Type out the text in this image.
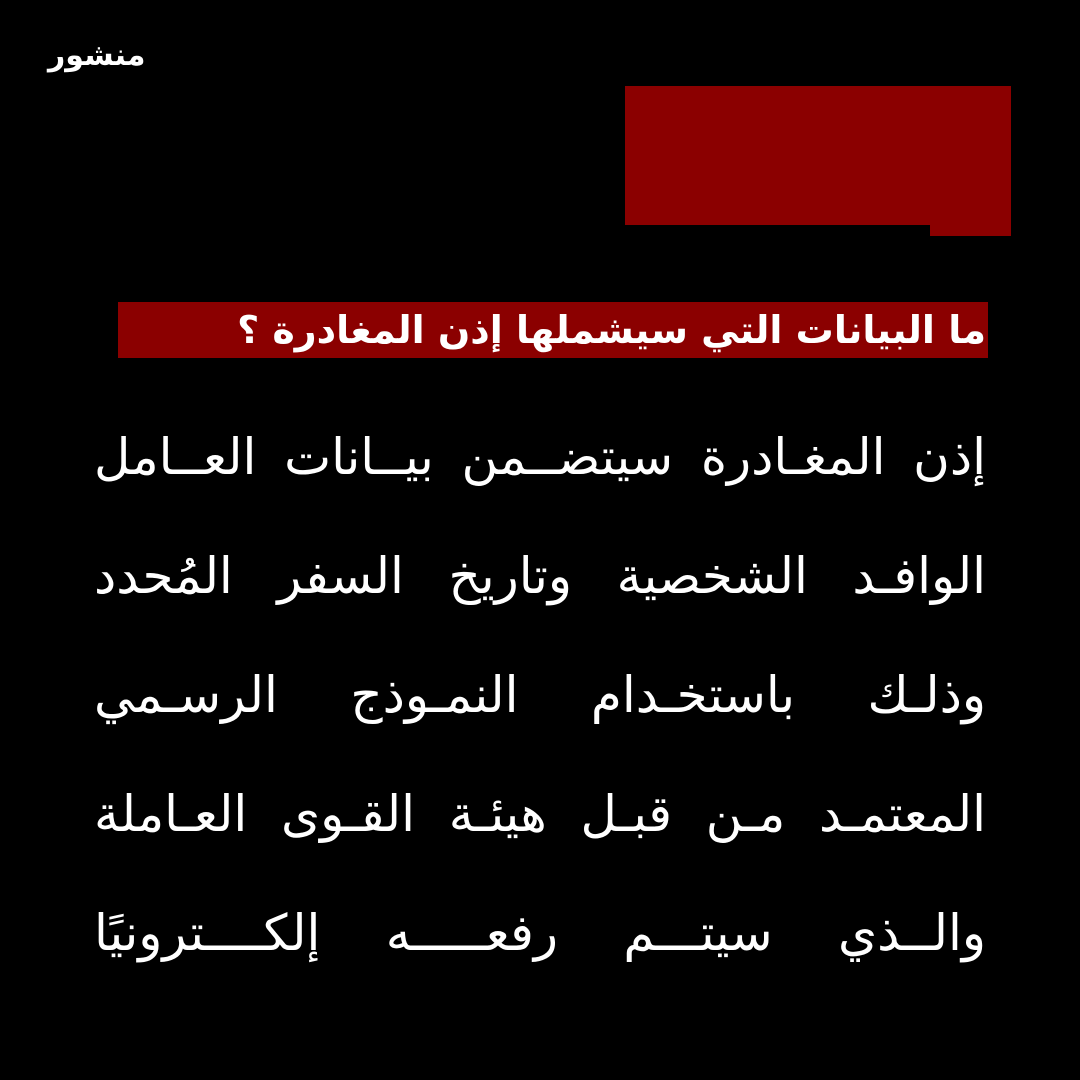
منشور
ما البيانات التي سيشملها إذن المغادرة ؟
إذن المغـادرة سيتضــمن بيــانات العــامل
الوافـد الشخصية وتاريخ السفر المُحدد
وذلـك باستخـدام النمـوذج الرسـمي
المعتمـد مـن قبـل هيئـة القـوى العـاملة
والــذي سيتـــم رفعـــــه إلكــــترونيًا
